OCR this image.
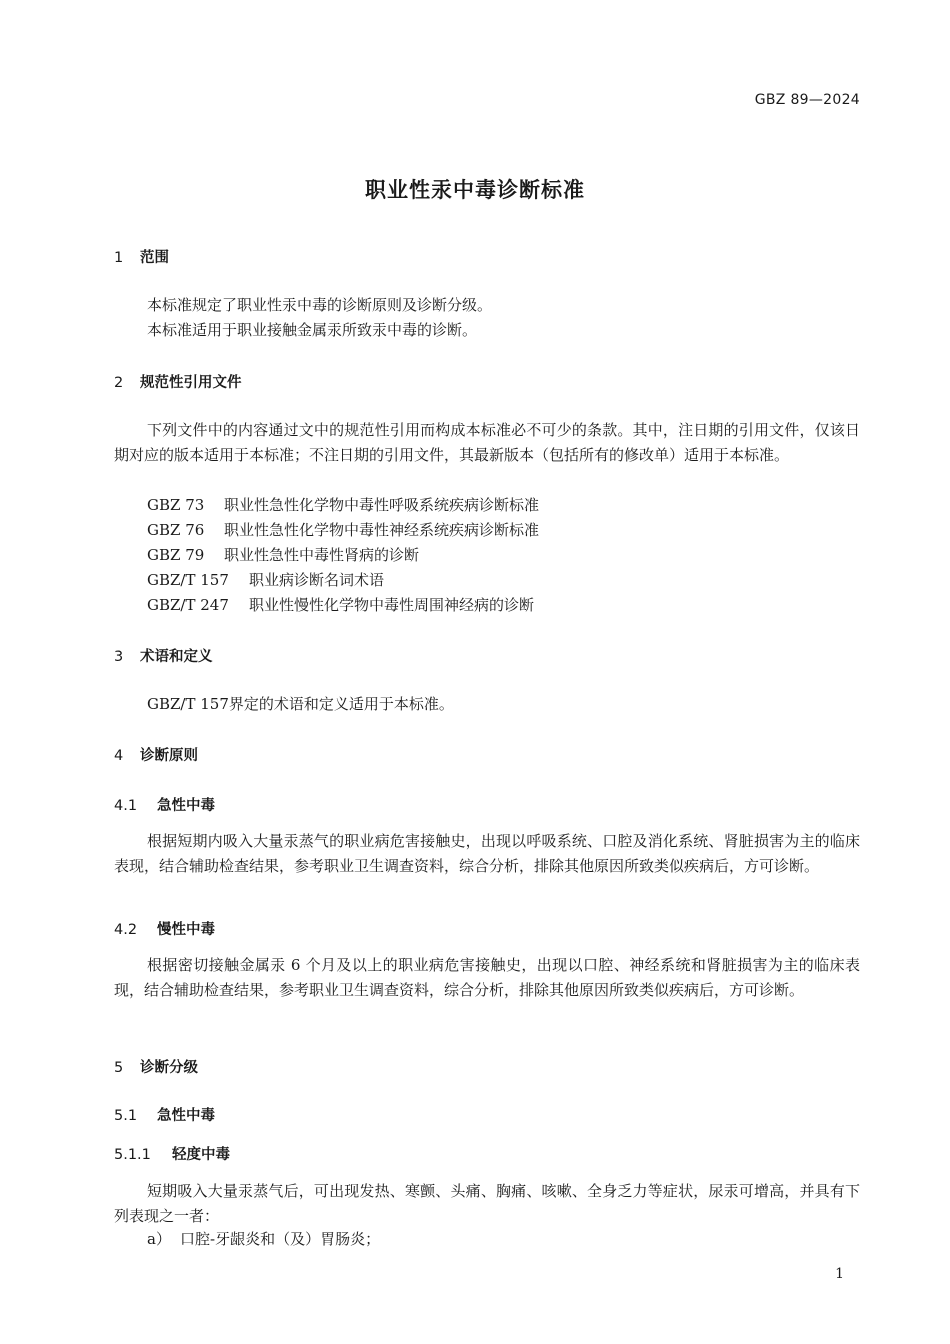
GBZ 89—2024
职业性汞中毒诊断标准
1 范围
本标准规定了职业性汞中毒的诊断原则及诊断分级。
本标准适用于职业接触金属汞所致汞中毒的诊断。
2 规范性引用文件
下列文件中的内容通过文中的规范性引用而构成本标准必不可少的条款。其中，注日期的引用文件，仅该日期对应的版本适用于本标准；不注日期的引用文件，其最新版本（包括所有的修改单）适用于本标准。
GBZ 73 职业性急性化学物中毒性呼吸系统疾病诊断标准
GBZ 76 职业性急性化学物中毒性神经系统疾病诊断标准
GBZ 79 职业性急性中毒性肾病的诊断
GBZ/T 157 职业病诊断名词术语
GBZ/T 247 职业性慢性化学物中毒性周围神经病的诊断
3 术语和定义
GBZ/T 157界定的术语和定义适用于本标准。
4 诊断原则
4.1 急性中毒
根据短期内吸入大量汞蒸气的职业病危害接触史，出现以呼吸系统、口腔及消化系统、肾脏损害为主的临床表现，结合辅助检查结果，参考职业卫生调查资料，综合分析，排除其他原因所致类似疾病后，方可诊断。
4.2 慢性中毒
根据密切接触金属汞 6 个月及以上的职业病危害接触史，出现以口腔、神经系统和肾脏损害为主的临床表现，结合辅助检查结果，参考职业卫生调查资料，综合分析，排除其他原因所致类似疾病后，方可诊断。
5 诊断分级
5.1 急性中毒
5.1.1 轻度中毒
短期吸入大量汞蒸气后，可出现发热、寒颤、头痛、胸痛、咳嗽、全身乏力等症状，尿汞可增高，并具有下列表现之一者：
a） 口腔-牙龈炎和（及）胃肠炎；
1
